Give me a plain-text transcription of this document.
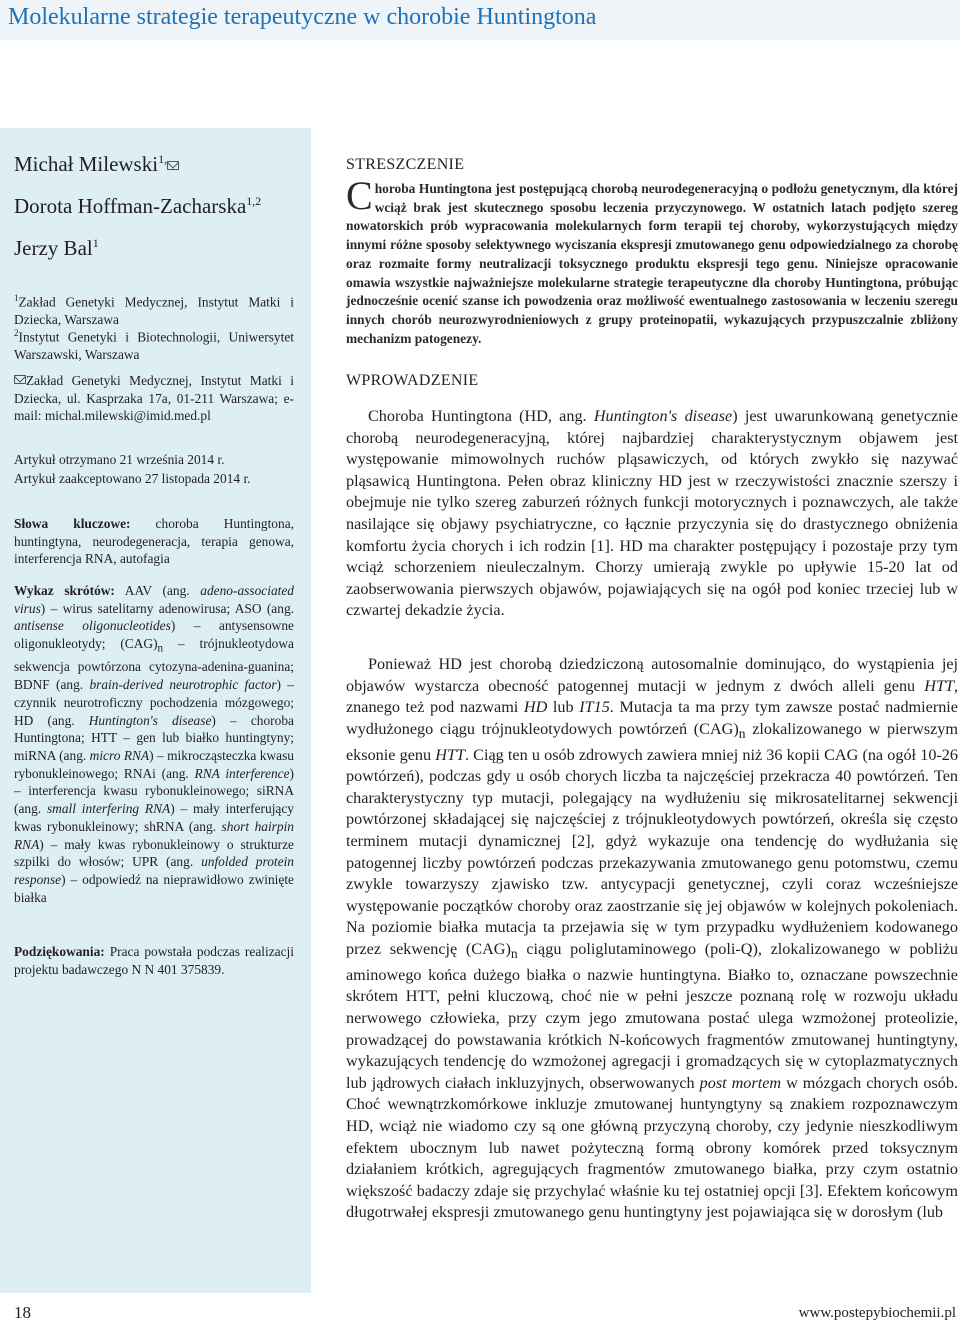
Molekularne strategie terapeutyczne w chorobie Huntingtona
Michał Milewski$^{1,}$
Dorota Hoffman-Zacharska$^{1,2}$
Jerzy Bal$^1$
$^1$Zakład Genetyki Medycznej, Instytut Matki i Dziecka, Warszawa
$^2$Instytut Genetyki i Biotechnologii, Uniwersytet Warszawski, Warszawa
Zakład Genetyki Medycznej, Instytut Matki i Dziecka, ul. Kasprzaka 17a, 01-211 Warszawa; e-mail: michal.milewski@imid.med.pl
Artykuł otrzymano 21 września 2014 r.
Artykuł zaakceptowano 27 listopada 2014 r.
Słowa kluczowe: choroba Huntingtona, huntingtyna, neurodegeneracja, terapia genowa, interferencja RNA, autofagia
Wykaz skrótów: AAV (ang. adeno-associated virus) – wirus satelitarny adenowirusa; ASO (ang. antisense oligonucleotides) – antysensowne oligonukleotydy; $(CAG)_n$ – trójnukleotydowa sekwencja powtórzona cytozyna-adenina-guanina; BDNF (ang. brain-derived neurotrophic factor) – czynnik neurotroficzny pochodzenia mózgowego; HD (ang. Huntington's disease) – choroba Huntingtona; HTT – gen lub białko huntingtyny; miRNA (ang. micro RNA) – mikrocząsteczka kwasu rybonukleinowego; RNAi (ang. RNA interference) – interferencja kwasu rybonukleinowego; siRNA (ang. small interfering RNA) – mały interferujący kwas rybonukleinowy; shRNA (ang. short hairpin RNA) – mały kwas rybonukleinowy o strukturze szpilki do włosów; UPR (ang. unfolded protein response) – odpowiedź na nieprawidłowo zwinięte białka
Podziękowania: Praca powstała podczas realizacji projektu badawczego N N 401 375839.
STRESZCZENIE
Choroba Huntingtona jest postępującą chorobą neurodegeneracyjną o podłożu genetycznym, dla której wciąż brak jest skutecznego sposobu leczenia przyczynowego. W ostatnich latach podjęto szereg nowatorskich prób wypracowania molekularnych form terapii tej choroby, wykorzystujących między innymi różne sposoby selektywnego wyciszania ekspresji zmutowanego genu odpowiedzialnego za chorobę oraz rozmaite formy neutralizacji toksycznego produktu ekspresji tego genu. Niniejsze opracowanie omawia wszystkie najważniejsze molekularne strategie terapeutyczne dla choroby Huntingtona, próbując jednocześnie ocenić szanse ich powodzenia oraz możliwość ewentualnego zastosowania w leczeniu szeregu innych chorób neurozwyrodnieniowych z grupy proteinopatii, wykazujących przypuszczalnie zbliżony mechanizm patogenezy.
WPROWADZENIE
Choroba Huntingtona (HD, ang. Huntington's disease) jest uwarunkowaną genetycznie chorobą neurodegeneracyjną, której najbardziej charakterystycznym objawem jest występowanie mimowolnych ruchów pląsawiczych, od których zwykło się nazywać pląsawicą Huntingtona. Pełen obraz kliniczny HD jest w rzeczywistości znacznie szerszy i obejmuje nie tylko szereg zaburzeń różnych funkcji motorycznych i poznawczych, ale także nasilające się objawy psychiatryczne, co łącznie przyczynia się do drastycznego obniżenia komfortu życia chorych i ich rodzin [1]. HD ma charakter postępujący i pozostaje przy tym wciąż schorzeniem nieuleczalnym. Chorzy umierają zwykle po upływie 15-20 lat od zaobserwowania pierwszych objawów, pojawiających się na ogół pod koniec trzeciej lub w czwartej dekadzie życia.
Ponieważ HD jest chorobą dziedziczoną autosomalnie dominująco, do wystąpienia jej objawów wystarcza obecność patogennej mutacji w jednym z dwóch alleli genu HTT, znanego też pod nazwami HD lub IT15. Mutacja ta ma przy tym zawsze postać nadmiernie wydłużonego ciągu trójnukleotydowych powtórzeń $(CAG)_n$ zlokalizowanego w pierwszym eksonie genu HTT. Ciąg ten u osób zdrowych zawiera mniej niż 36 kopii CAG (na ogół 10-26 powtórzeń), podczas gdy u osób chorych liczba ta najczęściej przekracza 40 powtórzeń. Ten charakterystyczny typ mutacji, polegający na wydłużeniu się mikrosatelitarnej sekwencji powtórzonej składającej się najczęściej z trójnukleotydowych powtórzeń, określa się często terminem mutacji dynamicznej [2], gdyż wykazuje ona tendencję do wydłużania się patogennej liczby powtórzeń podczas przekazywania zmutowanego genu potomstwu, czemu zwykle towarzyszy zjawisko tzw. antycypacji genetycznej, czyli coraz wcześniejsze występowanie początków choroby oraz zaostrzanie się jej objawów w kolejnych pokoleniach. Na poziomie białka mutacja ta przejawia się w tym przypadku wydłużeniem kodowanego przez sekwencję $(CAG)_n$ ciągu poliglutaminowego (poli-Q), zlokalizowanego w pobliżu aminowego końca dużego białka o nazwie huntingtyna. Białko to, oznaczane powszechnie skrótem HTT, pełni kluczową, choć nie w pełni jeszcze poznaną rolę w rozwoju układu nerwowego człowieka, przy czym jego zmutowana postać ulega wzmożonej proteolizie, prowadzącej do powstawania krótkich N-końcowych fragmentów zmutowanej huntingtyny, wykazujących tendencję do wzmożonej agregacji i gromadzących się w cytoplazmatycznych lub jądrowych ciałach inkluzyjnych, obserwowanych post mortem w mózgach chorych osób. Choć wewnątrzkomórkowe inkluzje zmutowanej huntyngtyny są znakiem rozpoznawczym HD, wciąż nie wiadomo czy są one główną przyczyną choroby, czy jedynie nieszkodliwym efektem ubocznym lub nawet pożyteczną formą obrony komórek przed toksycznym działaniem krótkich, agregujących fragmentów zmutowanego białka, przy czym ostatnio większość badaczy zdaje się przychylać właśnie ku tej ostatniej opcji [3]. Efektem końcowym długotrwałej ekspresji zmutowanego genu huntingtyny jest pojawiająca się w dorosłym (lub
18	www.postepybiochemii.pl
